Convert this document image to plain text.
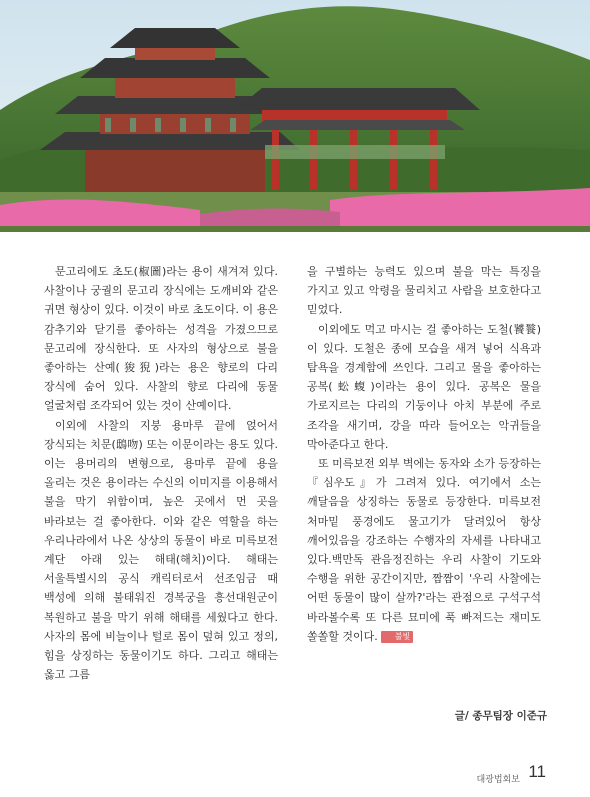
문고리에도 초도(椒圖)라는 용이 새겨져 있다. 사찰이나 궁궐의 문고리 장식에는 도깨비와 같은 귀면 형상이 있다. 이것이 바로 초도이다. 이 용은 감추기와 닫기를 좋아하는 성격을 가졌으므로 문고리에 장식한다. 또 사자의 형상으로 불을 좋아하는 산예(狻猊)라는 용은 향로의 다리 장식에 숨어 있다. 사찰의 향로 다리에 동물 얼굴처럼 조각되어 있는 것이 산예이다.

이외에 사찰의 지붕 용마루 끝에 얹어서 장식되는 치문(鴟吻) 또는 이문이라는 용도 있다. 이는 용머리의 변형으로, 용마루 끝에 용을 올리는 것은 용이라는 수신의 이미지를 이용해서 불을 막기 위함이며, 높은 곳에서 먼 곳을 바라보는 걸 좋아한다. 이와 같은 역할을 하는 우리나라에서 나온 상상의 동물이 바로 미륵보전 계단 아래 있는 해태(해치)이다. 해태는 서울특별시의 공식 캐릭터로서 선조임금 때 백성에 의해 불태워진 경복궁을 흥선대원군이 복원하고 불을 막기 위해 해태를 세웠다고 한다. 사자의 몸에 비늘이나 털로 몸이 덮혀 있고 정의, 힘을 상징하는 동물이기도 하다. 그리고 해태는 옳고 그름

을 구별하는 능력도 있으며 불을 막는 특징을 가지고 있고 악령을 물리치고 사람을 보호한다고 믿었다.

이외에도 먹고 마시는 걸 좋아하는 도철(饕餮)이 있다. 도철은 종에 모습을 새겨 넣어 식욕과 탐욕을 경계함에 쓰인다. 그리고 물을 좋아하는 공복(蚣蝮)이라는 용이 있다. 공복은 물을 가로지르는 다리의 기둥이나 아치 부분에 주로 조각을 새기며, 강을 따라 들어오는 악귀들을 막아준다고 한다.

또 미륵보전 외부 벽에는 동자와 소가 등장하는 『심우도』가 그려져 있다. 여기에서 소는 깨달음을 상징하는 동물로 등장한다. 미륵보전 처마밑 풍경에도 물고기가 달려있어 항상 깨어있음을 강조하는 수행자의 자세를 나타내고 있다.백만독 관음정진하는 우리 사찰이 기도와 수행을 위한 공간이지만, 짬짬이 '우리 사찰에는 어떤 동물이 많이 살까?'라는 관점으로 구석구석 바라볼수록 또 다른 묘미에 푹 빠져드는 재미도 쏠쏠할 것이다. 불빛

글/ 종무팀장 이준규
대광법회보 11
